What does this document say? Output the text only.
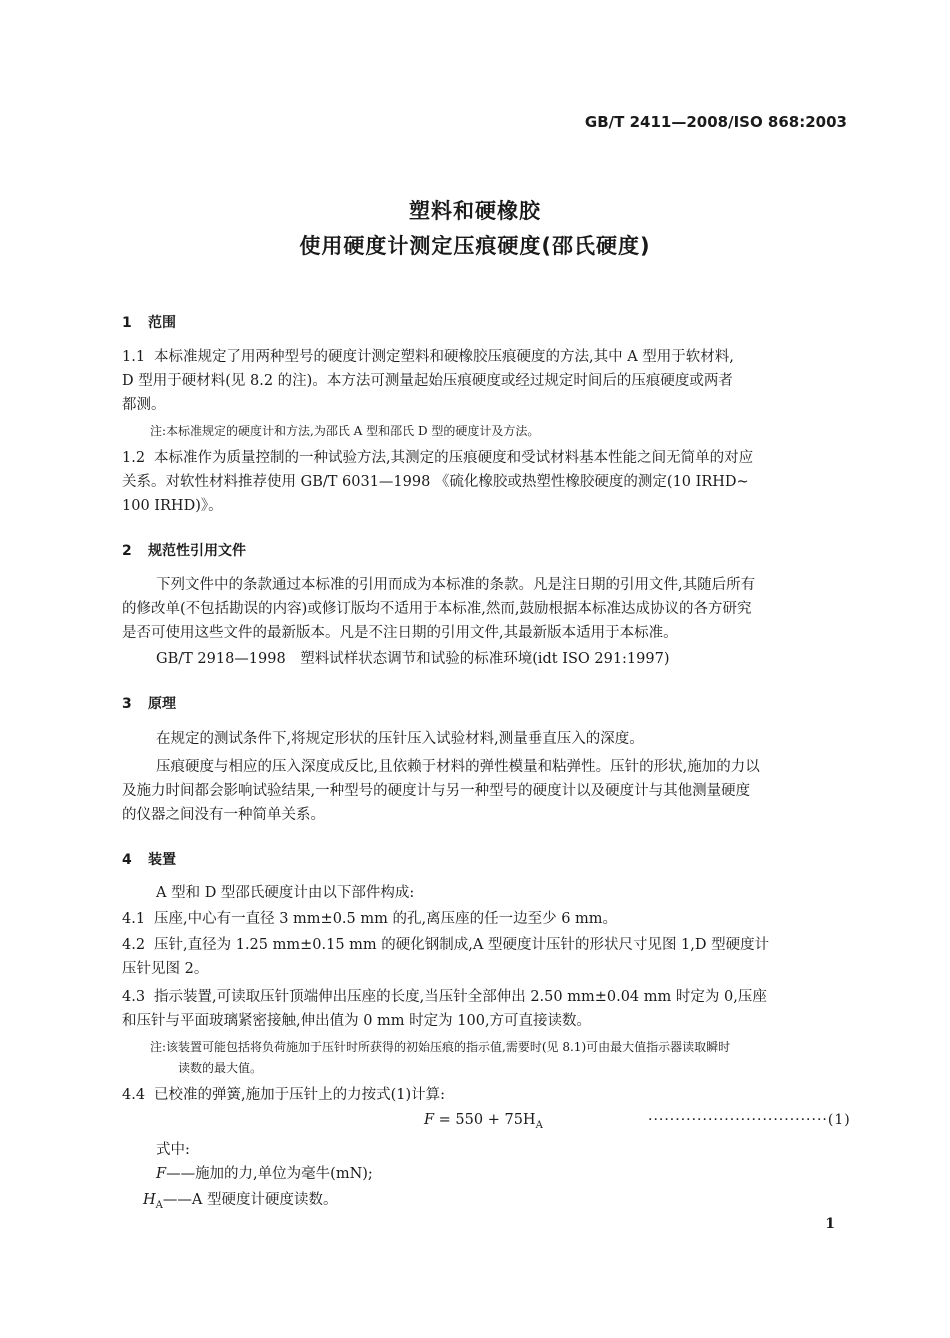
GB/T 2411—2008/ISO 868:2003
塑料和硬橡胶
使用硬度计测定压痕硬度(邵氏硬度)
1 范围
1.1 本标准规定了用两种型号的硬度计测定塑料和硬橡胶压痕硬度的方法,其中 A 型用于软材料,
D 型用于硬材料(见 8.2 的注)。本方法可测量起始压痕硬度或经过规定时间后的压痕硬度或两者
都测。
注:本标准规定的硬度计和方法,为邵氏 A 型和邵氏 D 型的硬度计及方法。
1.2 本标准作为质量控制的一种试验方法,其测定的压痕硬度和受试材料基本性能之间无简单的对应
关系。对软性材料推荐使用 GB/T 6031—1998 《硫化橡胶或热塑性橡胶硬度的测定(10 IRHD~
100 IRHD)》。
2 规范性引用文件
下列文件中的条款通过本标准的引用而成为本标准的条款。凡是注日期的引用文件,其随后所有
的修改单(不包括勘误的内容)或修订版均不适用于本标准,然而,鼓励根据本标准达成协议的各方研究
是否可使用这些文件的最新版本。凡是不注日期的引用文件,其最新版本适用于本标准。
GB/T 2918—1998　塑料试样状态调节和试验的标准环境(idt ISO 291:1997)
3 原理
在规定的测试条件下,将规定形状的压针压入试验材料,测量垂直压入的深度。
压痕硬度与相应的压入深度成反比,且依赖于材料的弹性模量和粘弹性。压针的形状,施加的力以
及施力时间都会影响试验结果,一种型号的硬度计与另一种型号的硬度计以及硬度计与其他测量硬度
的仪器之间没有一种简单关系。
4 装置
A 型和 D 型邵氏硬度计由以下部件构成:
4.1 压座,中心有一直径 3 mm±0.5 mm 的孔,离压座的任一边至少 6 mm。
4.2 压针,直径为 1.25 mm±0.15 mm 的硬化钢制成,A 型硬度计压针的形状尺寸见图 1,D 型硬度计
压针见图 2。
4.3 指示装置,可读取压针顶端伸出压座的长度,当压针全部伸出 2.50 mm±0.04 mm 时定为 0,压座
和压针与平面玻璃紧密接触,伸出值为 0 mm 时定为 100,方可直接读数。
注:该装置可能包括将负荷施加于压针时所获得的初始压痕的指示值,需要时(见 8.1)可由最大值指示器读取瞬时
读数的最大值。
4.4 已校准的弹簧,施加于压针上的力按式(1)计算:
$F = 550 + 75H_A$	·································(1)
式中:
F——施加的力,单位为毫牛(mN);
$H_A——A$ 型硬度计硬度读数。
1
